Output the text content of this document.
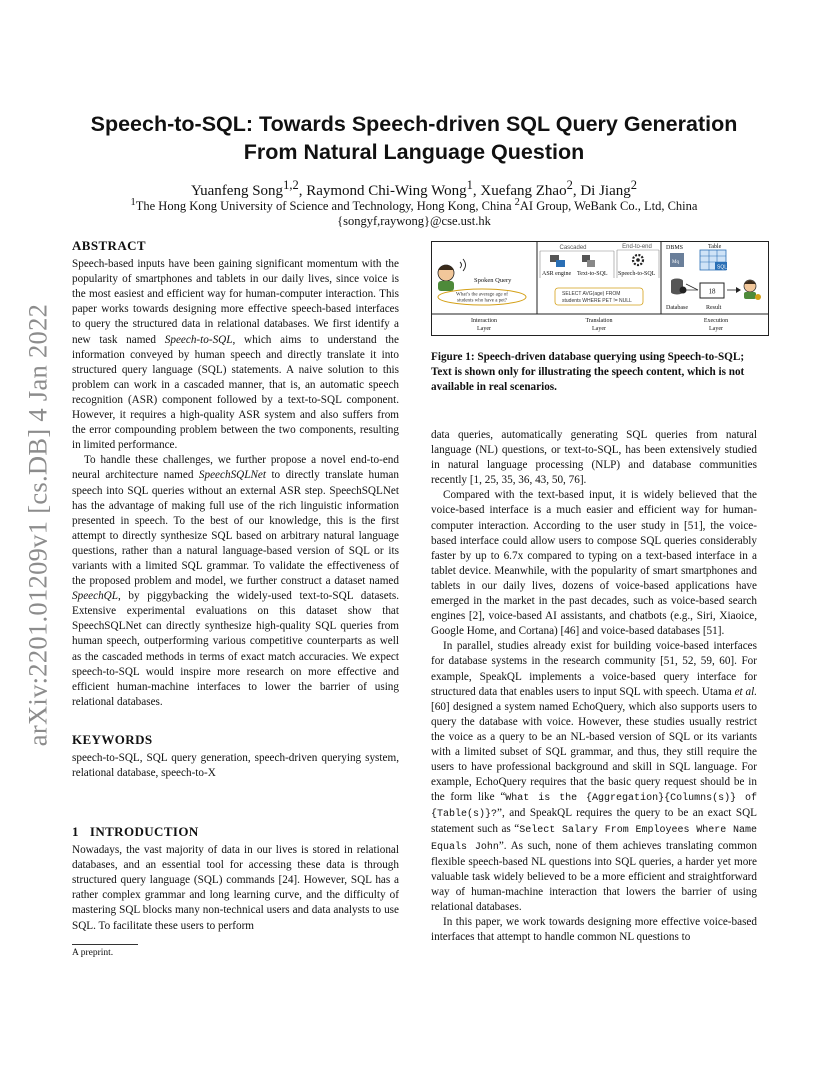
arXiv:2201.01209v1 [cs.DB] 4 Jan 2022
Speech-to-SQL: Towards Speech-driven SQL Query Generation
From Natural Language Question
Yuanfeng Song$^{1,2}$, Raymond Chi-Wing Wong$^1$, Xuefang Zhao$^2$, Di Jiang$^2$
$^1$The Hong Kong University of Science and Technology, Hong Kong, China $^2$AI Group, WeBank Co., Ltd, China
{songyf,raywong}@cse.ust.hk
ABSTRACT

Speech-based inputs have been gaining significant momentum with the popularity of smartphones and tablets in our daily lives, since voice is the most easiest and efficient way for human-computer interaction. This paper works towards designing more effective speech-based interfaces to query the structured data in relational databases. We first identify a new task named Speech-to-SQL, which aims to understand the information conveyed by human speech and directly translate it into structured query language (SQL) statements. A naive solution to this problem can work in a cascaded manner, that is, an automatic speech recognition (ASR) component followed by a text-to-SQL component. However, it requires a high-quality ASR system and also suffers from the error compounding problem between the two components, resulting in limited performance.

To handle these challenges, we further propose a novel end-to-end neural architecture named SpeechSQLNet to directly translate human speech into SQL queries without an external ASR step. SpeechSQLNet has the advantage of making full use of the rich linguistic information presented in speech. To the best of our knowledge, this is the first attempt to directly synthesize SQL based on arbitrary natural language questions, rather than a natural language-based version of SQL or its variants with a limited SQL grammar. To validate the effectiveness of the proposed problem and model, we further construct a dataset named SpeechQL, by piggybacking the widely-used text-to-SQL datasets. Extensive experimental evaluations on this dataset show that SpeechSQLNet can directly synthesize high-quality SQL queries from human speech, outperforming various competitive counterparts as well as the cascaded methods in terms of exact match accuracies. We expect speech-to-SQL would inspire more research on more effective and efficient human-machine interfaces to lower the barrier of using relational databases.

KEYWORDS

speech-to-SQL, SQL query generation, speech-driven querying system, relational database, speech-to-X

1 INTRODUCTION

Nowadays, the vast majority of data in our lives is stored in relational databases, and an essential tool for accessing these data is through structured query language (SQL) commands [24]. However, SQL has a rather complex grammar and long learning curve, and the difficulty of mastering SQL blocks many non-technical users and data analysts to use SQL. To facilitate these users to perform

A preprint.
Spoken Query
What’s the average age of
students who have a pet?
Cascaded	End-to-end
ASR engine Text-to-SQL Speech-to-SQL
SELECT AVG(age) FROM
students WHERE PET != NULL
DBMS	Table
Mq
SQL
18
Database	Result
Interaction
Layer
Translation
Layer
Execution
Layer
Figure 1: Speech-driven database querying using Speech-to-SQL; Text is shown only for illustrating the speech content, which is not available in real scenarios.

data queries, automatically generating SQL queries from natural language (NL) questions, or text-to-SQL, has been extensively studied in natural language processing (NLP) and database communities recently [1, 25, 35, 36, 43, 50, 76].

Compared with the text-based input, it is widely believed that the voice-based interface is a much easier and efficient way for human-computer interaction. According to the user study in [51], the voice-based interface could allow users to compose SQL queries considerably faster by up to 6.7x compared to typing on a text-based interface in a tablet device. Meanwhile, with the popularity of smart smartphones and tablets in our daily lives, dozens of voice-based applications have emerged in the market in the past decades, such as voice-based search engines [2], voice-based AI assistants, and chatbots (e.g., Siri, Xiaoice, Google Home, and Cortana) [46] and voice-based databases [51].

In parallel, studies already exist for building voice-based interfaces for database systems in the research community [51, 52, 59, 60]. For example, SpeakQL implements a voice-based query interface for structured data that enables users to input SQL with speech. Utama et al. [60] designed a system named EchoQuery, which also supports users to query the database with voice. However, these studies usually restrict the voice as a query to be an NL-based version of SQL or its variants with a limited subset of SQL grammar, and thus, they still require the users to have professional background and skill in SQL language. For example, EchoQuery requires that the basic query request should be in the form like “What is the {Aggregation}{Columns(s)} of {Table(s)}?”, and SpeakQL requires the query to be an exact SQL statement such as “Select Salary From Employees Where Name Equals John”. As such, none of them achieves translating common flexible speech-based NL questions into SQL queries, a harder yet more valuable task widely believed to be a more efficient and straightforward way of human-machine interaction that lowers the barrier of using relational databases.

In this paper, we work towards designing more effective voice-based interfaces that attempt to handle common NL questions to
